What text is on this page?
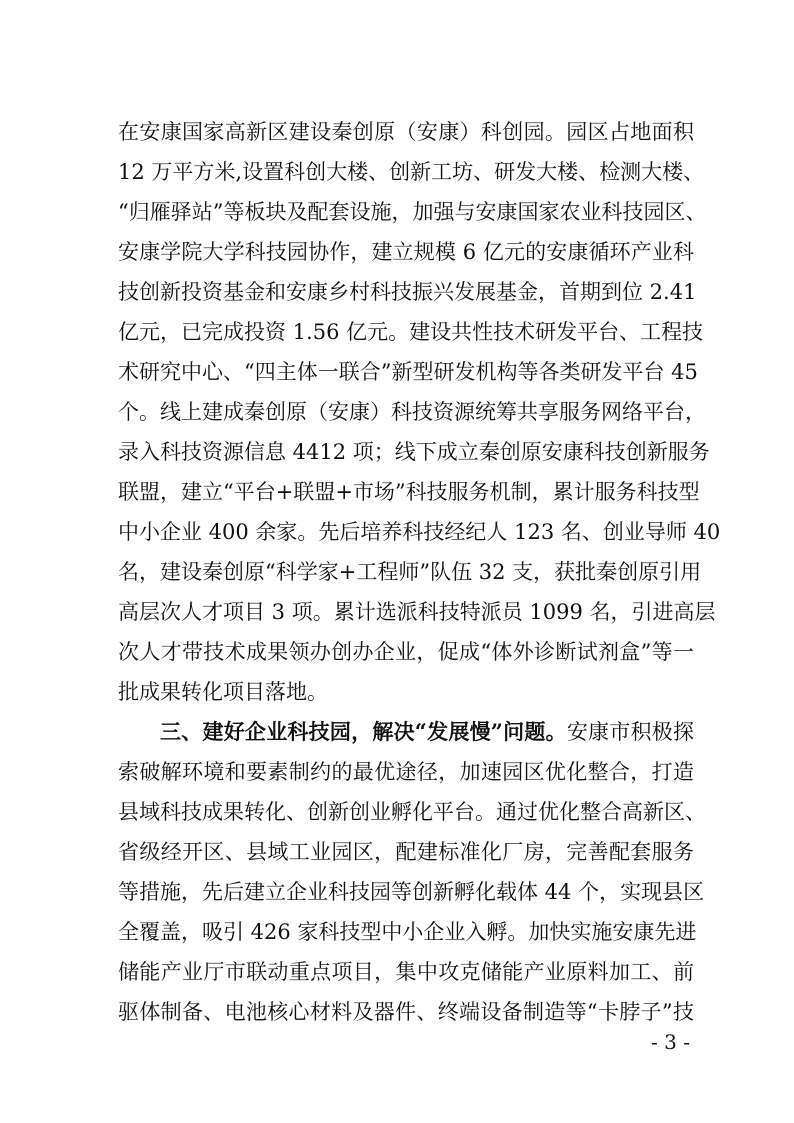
在安康国家高新区建设秦创原（安康）科创园。园区占地面积
12 万平方米,设置科创大楼、创新工坊、研发大楼、检测大楼、
“归雁驿站”等板块及配套设施，加强与安康国家农业科技园区、
安康学院大学科技园协作，建立规模 6 亿元的安康循环产业科
技创新投资基金和安康乡村科技振兴发展基金，首期到位 2.41
亿元，已完成投资 1.56 亿元。建设共性技术研发平台、工程技
术研究中心、“四主体一联合”新型研发机构等各类研发平台 45
个。线上建成秦创原（安康）科技资源统筹共享服务网络平台，
录入科技资源信息 4412 项；线下成立秦创原安康科技创新服务
联盟，建立“平台+联盟+市场”科技服务机制，累计服务科技型
中小企业 400 余家。先后培养科技经纪人 123 名、创业导师 40
名，建设秦创原“科学家+工程师”队伍 32 支，获批秦创原引用
高层次人才项目 3 项。累计选派科技特派员 1099 名，引进高层
次人才带技术成果领办创办企业，促成“体外诊断试剂盒”等一
批成果转化项目落地。
三、建好企业科技园，解决“发展慢”问题。安康市积极探
索破解环境和要素制约的最优途径，加速园区优化整合，打造
县域科技成果转化、创新创业孵化平台。通过优化整合高新区、
省级经开区、县域工业园区，配建标准化厂房，完善配套服务
等措施，先后建立企业科技园等创新孵化载体 44 个，实现县区
全覆盖，吸引 426 家科技型中小企业入孵。加快实施安康先进
储能产业厅市联动重点项目，集中攻克储能产业原料加工、前
驱体制备、电池核心材料及器件、终端设备制造等“卡脖子”技
- 3 -
